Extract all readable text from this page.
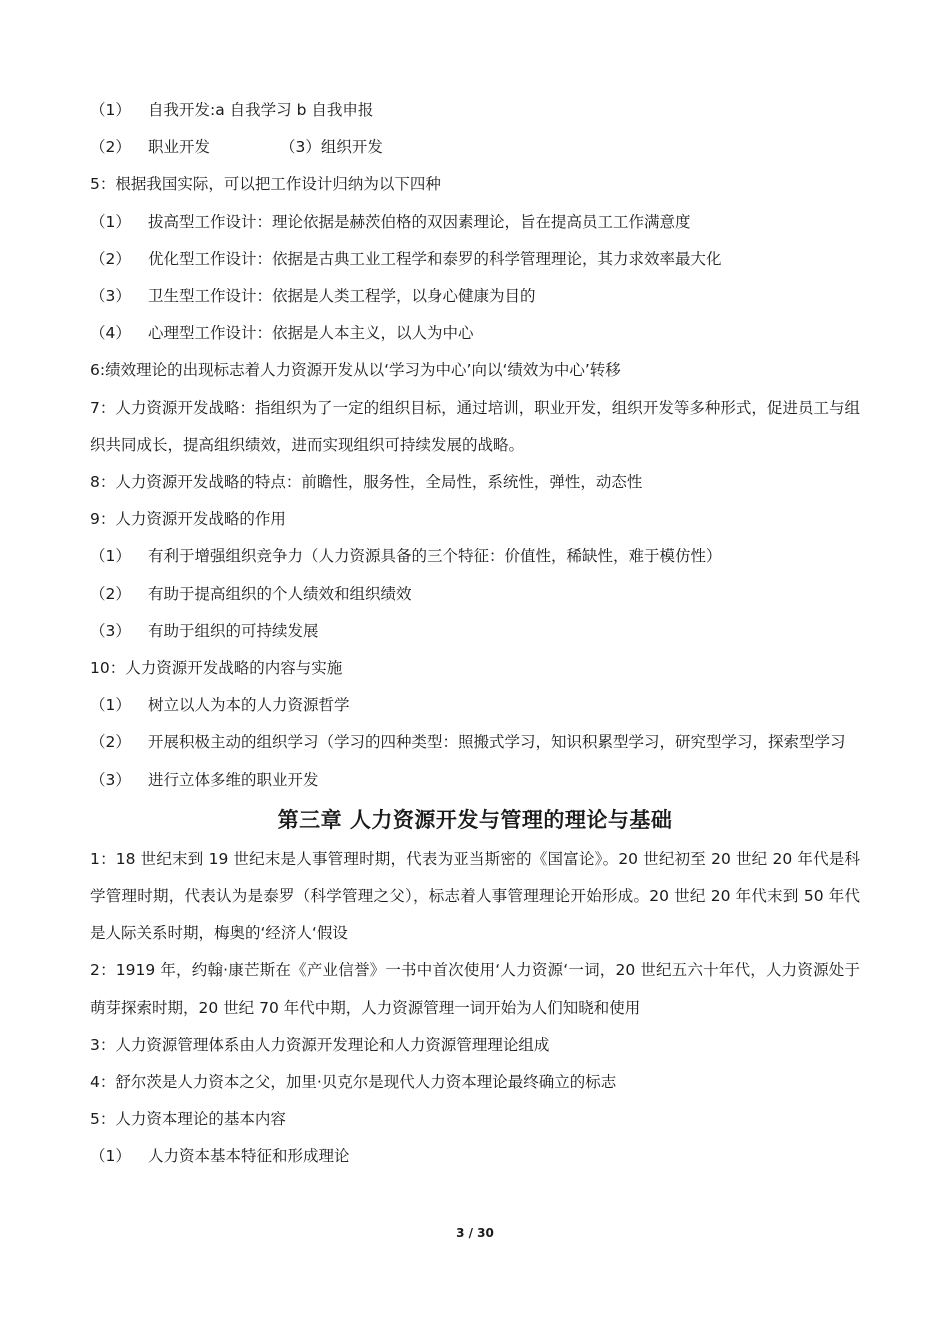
（1）	自我开发:a 自我学习 b 自我申报
（2）	职业开发	（3）组织开发
5：根据我国实际，可以把工作设计归纳为以下四种
（1）	拔高型工作设计：理论依据是赫茨伯格的双因素理论，旨在提高员工工作满意度
（2）	优化型工作设计：依据是古典工业工程学和泰罗的科学管理理论，其力求效率最大化
（3）	卫生型工作设计：依据是人类工程学，以身心健康为目的
（4）	心理型工作设计：依据是人本主义，以人为中心
6:绩效理论的出现标志着人力资源开发从以‘学习为中心’向以‘绩效为中心’转移
7：人力资源开发战略：指组织为了一定的组织目标，通过培训，职业开发，组织开发等多种形式，促进员工与组织共同成长，提高组织绩效，进而实现组织可持续发展的战略。
8：人力资源开发战略的特点：前瞻性，服务性，全局性，系统性，弹性，动态性
9：人力资源开发战略的作用
（1）	有利于增强组织竞争力（人力资源具备的三个特征：价值性，稀缺性，难于模仿性）
（2）	有助于提高组织的个人绩效和组织绩效
（3）	有助于组织的可持续发展
10：人力资源开发战略的内容与实施
（1）	树立以人为本的人力资源哲学
（2）	开展积极主动的组织学习（学习的四种类型：照搬式学习，知识积累型学习，研究型学习，探索型学习
（3）	进行立体多维的职业开发
第三章 人力资源开发与管理的理论与基础
1：18 世纪末到 19 世纪末是人事管理时期，代表为亚当斯密的《国富论》。20 世纪初至 20 世纪 20 年代是科学管理时期，代表认为是泰罗（科学管理之父），标志着人事管理理论开始形成。20 世纪 20 年代末到 50 年代是人际关系时期，梅奥的‘经济人‘假设
2：1919 年，约翰·康芒斯在《产业信誉》一书中首次使用‘人力资源‘一词，20 世纪五六十年代，人力资源处于萌芽探索时期，20 世纪 70 年代中期，人力资源管理一词开始为人们知晓和使用
3：人力资源管理体系由人力资源开发理论和人力资源管理理论组成
4：舒尔茨是人力资本之父，加里·贝克尔是现代人力资本理论最终确立的标志
5：人力资本理论的基本内容
（1）	人力资本基本特征和形成理论
3 / 30
